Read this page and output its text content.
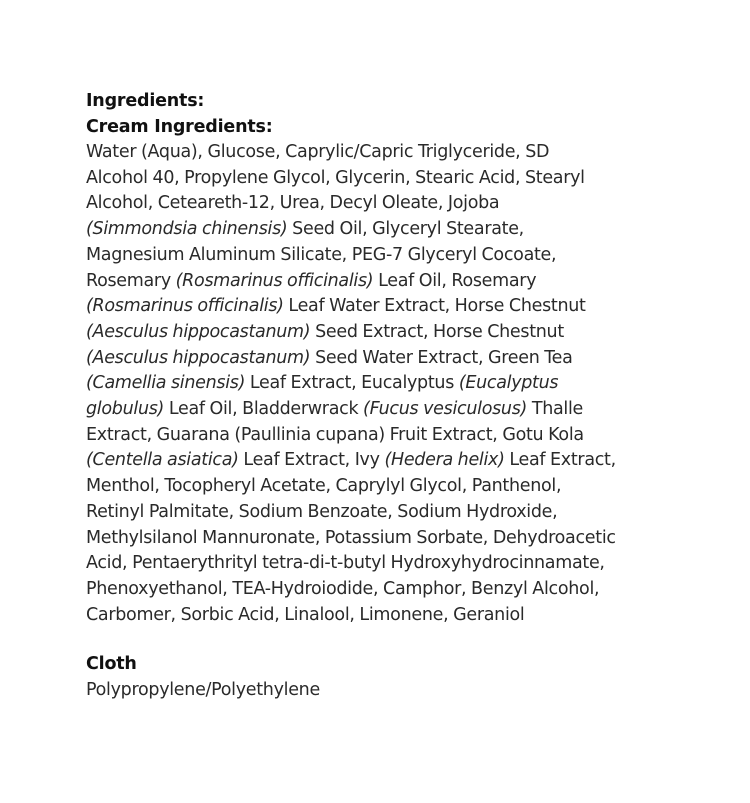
Ingredients:
Cream Ingredients:
Water (Aqua), Glucose, Caprylic/Capric Triglyceride, SD
Alcohol 40, Propylene Glycol, Glycerin, Stearic Acid, Stearyl
Alcohol, Ceteareth-12, Urea, Decyl Oleate, Jojoba
(Simmondsia chinensis) Seed Oil, Glyceryl Stearate,
Magnesium Aluminum Silicate, PEG-7 Glyceryl Cocoate,
Rosemary (Rosmarinus officinalis) Leaf Oil, Rosemary
(Rosmarinus officinalis) Leaf Water Extract, Horse Chestnut
(Aesculus hippocastanum) Seed Extract, Horse Chestnut
(Aesculus hippocastanum) Seed Water Extract, Green Tea
(Camellia sinensis) Leaf Extract, Eucalyptus (Eucalyptus
globulus) Leaf Oil, Bladderwrack (Fucus vesiculosus) Thalle
Extract, Guarana (Paullinia cupana) Fruit Extract, Gotu Kola
(Centella asiatica) Leaf Extract, Ivy (Hedera helix) Leaf Extract,
Menthol, Tocopheryl Acetate, Caprylyl Glycol, Panthenol,
Retinyl Palmitate, Sodium Benzoate, Sodium Hydroxide,
Methylsilanol Mannuronate, Potassium Sorbate, Dehydroacetic
Acid, Pentaerythrityl tetra-di-t-butyl Hydroxyhydrocinnamate,
Phenoxyethanol, TEA-Hydroiodide, Camphor, Benzyl Alcohol,
Carbomer, Sorbic Acid, Linalool, Limonene, Geraniol
Cloth
Polypropylene/Polyethylene
